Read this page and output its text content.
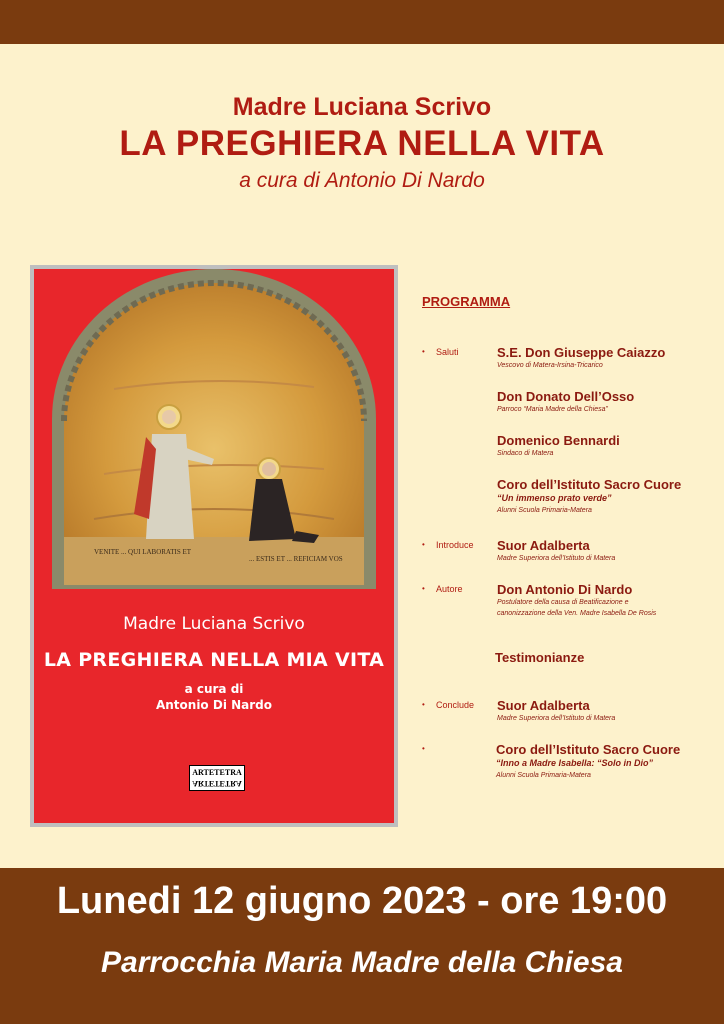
Madre Luciana Scrivo
LA PREGHIERA NELLA VITA
a cura di Antonio Di Nardo
VENITE ... QUI LABORATIS ET
... ESTIS ET ... REFICIAM VOS
Madre Luciana Scrivo
LA PREGHIERA NELLA MIA VITA
a cura di
Antonio Di Nardo
ARTETETRA
ARTETETRA
PROGRAMMA
• Saluti	S.E. Don Giuseppe Caiazzo
Vescovo di Matera-Irsina-Tricarico
Don Donato Dell’Osso
Parroco “Maria Madre della Chiesa”
Domenico Bennardi
Sindaco di Matera
Coro dell’Istituto Sacro Cuore
“Un immenso prato verde”
Alunni Scuola Primaria-Matera
• Introduce Suor Adalberta
Madre Superiora dell’Istituto di Matera
• Autore	Don Antonio Di Nardo
Postulatore della causa di Beatificazione e
canonizzazione della Ven. Madre Isabella De Rosis
Testimonianze
• Conclude Suor Adalberta
Madre Superiora dell’Istituto di Matera
•	Coro dell’Istituto Sacro Cuore
“Inno a Madre Isabella: “Solo in Dio”
Alunni Scuola Primaria-Matera
Lunedi 12 giugno 2023 - ore 19:00
Parrocchia Maria Madre della Chiesa
